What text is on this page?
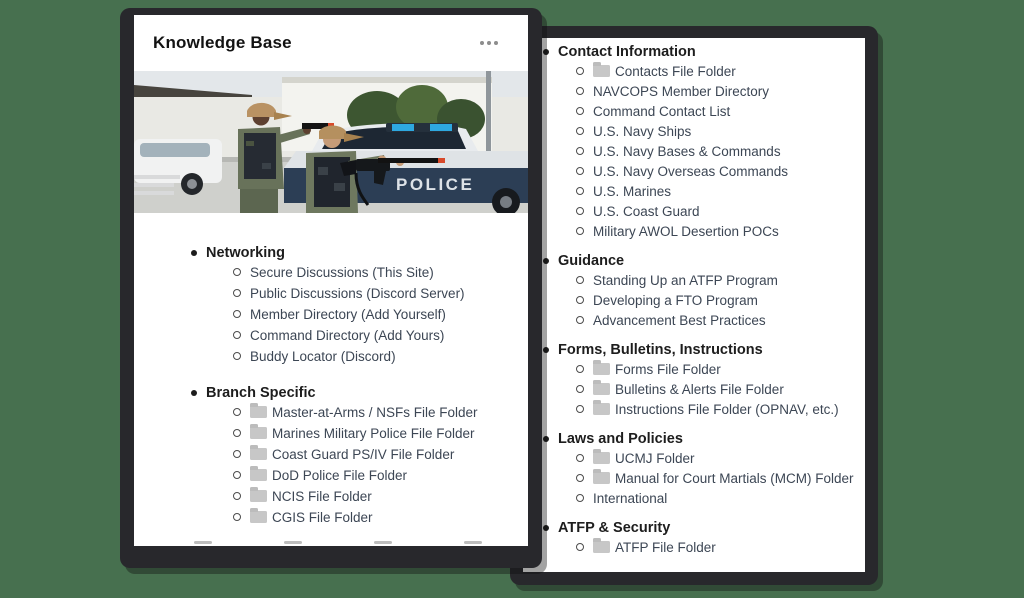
Contact Information
Contacts File Folder
NAVCOPS Member Directory
Command Contact List
U.S. Navy Ships
U.S. Navy Bases & Commands
U.S. Navy Overseas Commands
U.S. Marines
U.S. Coast Guard
Military AWOL Desertion POCs
Guidance
Standing Up an ATFP Program
Developing a FTO Program
Advancement Best Practices
Forms, Bulletins, Instructions
Forms File Folder
Bulletins & Alerts File Folder
Instructions File Folder (OPNAV, etc.)
Laws and Policies
UCMJ Folder
Manual for Court Martials (MCM) Folder
International
ATFP & Security
ATFP File Folder
Knowledge Base
POLICE
Networking
Secure Discussions (This Site)
Public Discussions (Discord Server)
Member Directory (Add Yourself)
Command Directory (Add Yours)
Buddy Locator (Discord)
Branch Specific
Master-at-Arms / NSFs File Folder
Marines Military Police File Folder
Coast Guard PS/IV File Folder
DoD Police File Folder
NCIS File Folder
CGIS File Folder
